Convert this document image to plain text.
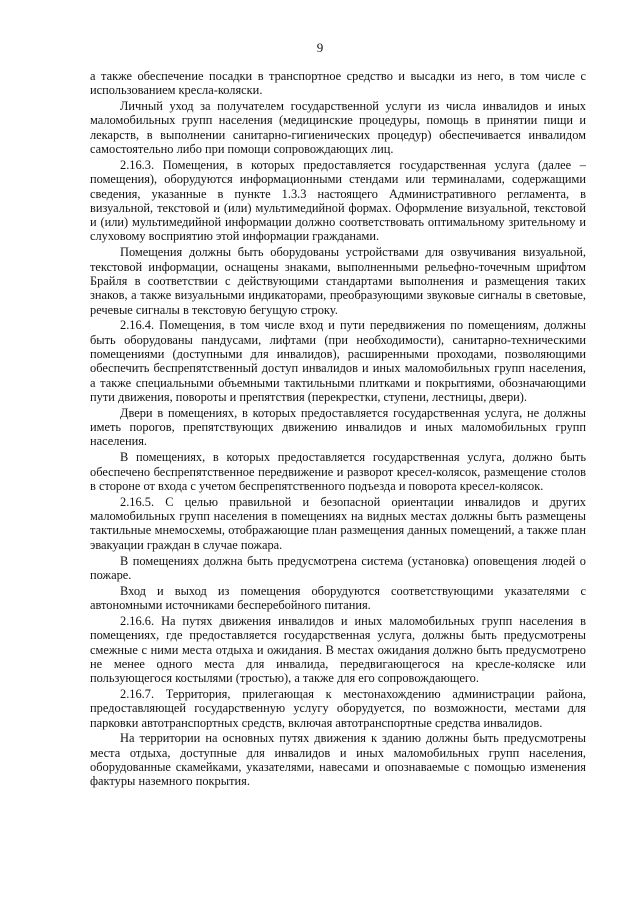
9

а также обеспечение посадки в транспортное средство и высадки из него, в том числе с использованием кресла-коляски.

Личный уход за получателем государственной услуги из числа инвалидов и иных маломобильных групп населения (медицинские процедуры, помощь в принятии пищи и лекарств, в выполнении санитарно-гигиенических процедур) обеспечивается инвалидом самостоятельно либо при помощи сопровождающих лиц.

2.16.3. Помещения, в которых предоставляется государственная услуга (далее – помещения), оборудуются информационными стендами или терминалами, содержащими сведения, указанные в пункте 1.3.3 настоящего Административного регламента, в визуальной, текстовой и (или) мультимедийной формах. Оформление визуальной, текстовой и (или) мультимедийной информации должно соответствовать оптимальному зрительному и слуховому восприятию этой информации гражданами.

Помещения должны быть оборудованы устройствами для озвучивания визуальной, текстовой информации, оснащены знаками, выполненными рельефно-точечным шрифтом Брайля в соответствии с действующими стандартами выполнения и размещения таких знаков, а также визуальными индикаторами, преобразующими звуковые сигналы в световые, речевые сигналы в текстовую бегущую строку.

2.16.4. Помещения, в том числе вход и пути передвижения по помещениям, должны быть оборудованы пандусами, лифтами (при необходимости), санитарно-техническими помещениями (доступными для инвалидов), расширенными проходами, позволяющими обеспечить беспрепятственный доступ инвалидов и иных маломобильных групп населения, а также специальными объемными тактильными плитками и покрытиями, обозначающими пути движения, повороты и препятствия (перекрестки, ступени, лестницы, двери).

Двери в помещениях, в которых предоставляется государственная услуга, не должны иметь порогов, препятствующих движению инвалидов и иных маломобильных групп населения.

В помещениях, в которых предоставляется государственная услуга, должно быть обеспечено беспрепятственное передвижение и разворот кресел-колясок, размещение столов в стороне от входа с учетом беспрепятственного подъезда и поворота кресел-колясок.

2.16.5. С целью правильной и безопасной ориентации инвалидов и других маломобильных групп населения в помещениях на видных местах должны быть размещены тактильные мнемосхемы, отображающие план размещения данных помещений, а также план эвакуации граждан в случае пожара.

В помещениях должна быть предусмотрена система (установка) оповещения людей о пожаре.

Вход и выход из помещения оборудуются соответствующими указателями с автономными источниками бесперебойного питания.

2.16.6. На путях движения инвалидов и иных маломобильных групп населения в помещениях, где предоставляется государственная услуга, должны быть предусмотрены смежные с ними места отдыха и ожидания. В местах ожидания должно быть предусмотрено не менее одного места для инвалида, передвигающегося на кресле-коляске или пользующегося костылями (тростью), а также для его сопровождающего.

2.16.7. Территория, прилегающая к местонахождению администрации района, предоставляющей государственную услугу оборудуется, по возможности, местами для парковки автотранспортных средств, включая автотранспортные средства инвалидов.

На территории на основных путях движения к зданию должны быть предусмотрены места отдыха, доступные для инвалидов и иных маломобильных групп населения, оборудованные скамейками, указателями, навесами и опознаваемые с помощью изменения фактуры наземного покрытия.
